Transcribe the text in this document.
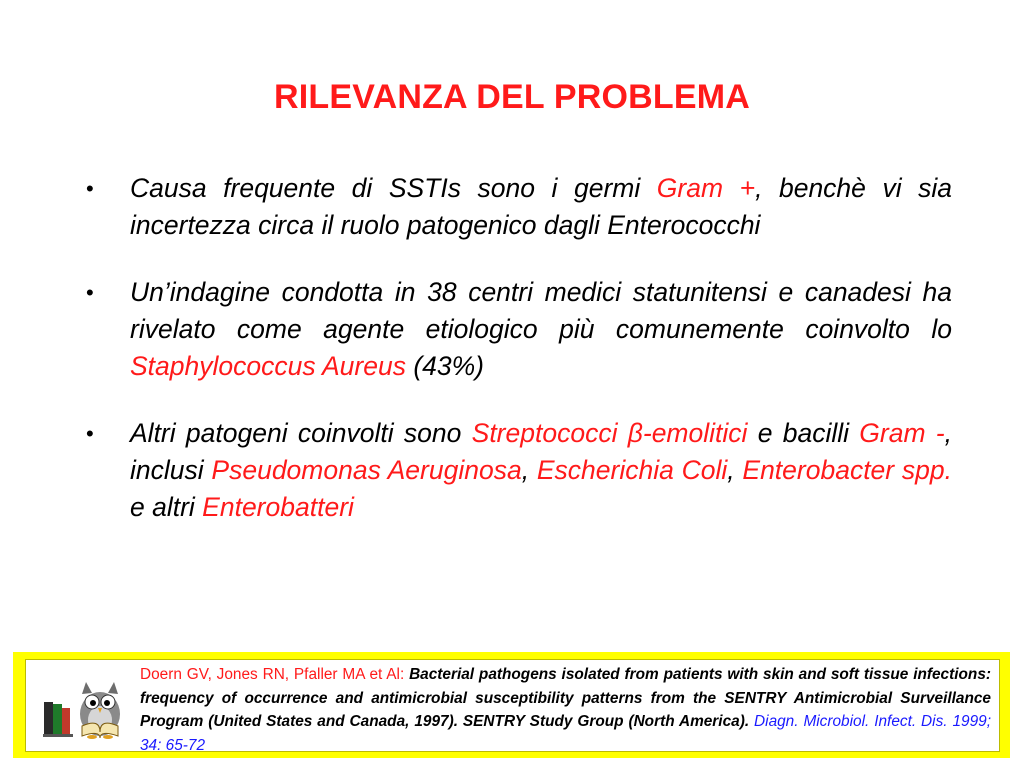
RILEVANZA DEL PROBLEMA
•	Causa frequente di SSTIs sono i germi Gram +, benchè vi sia incertezza circa il ruolo patogenico dagli Enterococchi
•	Un’indagine condotta in 38 centri medici statunitensi e canadesi ha rivelato come agente etiologico più comunemente coinvolto lo Staphylococcus Aureus (43%)
•	Altri patogeni coinvolti sono Streptococci β-emolitici e bacilli Gram -, inclusi Pseudomonas Aeruginosa, Escherichia Coli, Enterobacter spp. e altri Enterobatteri
Doern GV, Jones RN, Pfaller MA et Al: Bacterial pathogens isolated from patients with skin and soft tissue infections: frequency of occurrence and antimicrobial susceptibility patterns from the SENTRY Antimicrobial Surveillance Program (United States and Canada, 1997). SENTRY Study Group (North America). Diagn. Microbiol. Infect. Dis. 1999; 34: 65-72
